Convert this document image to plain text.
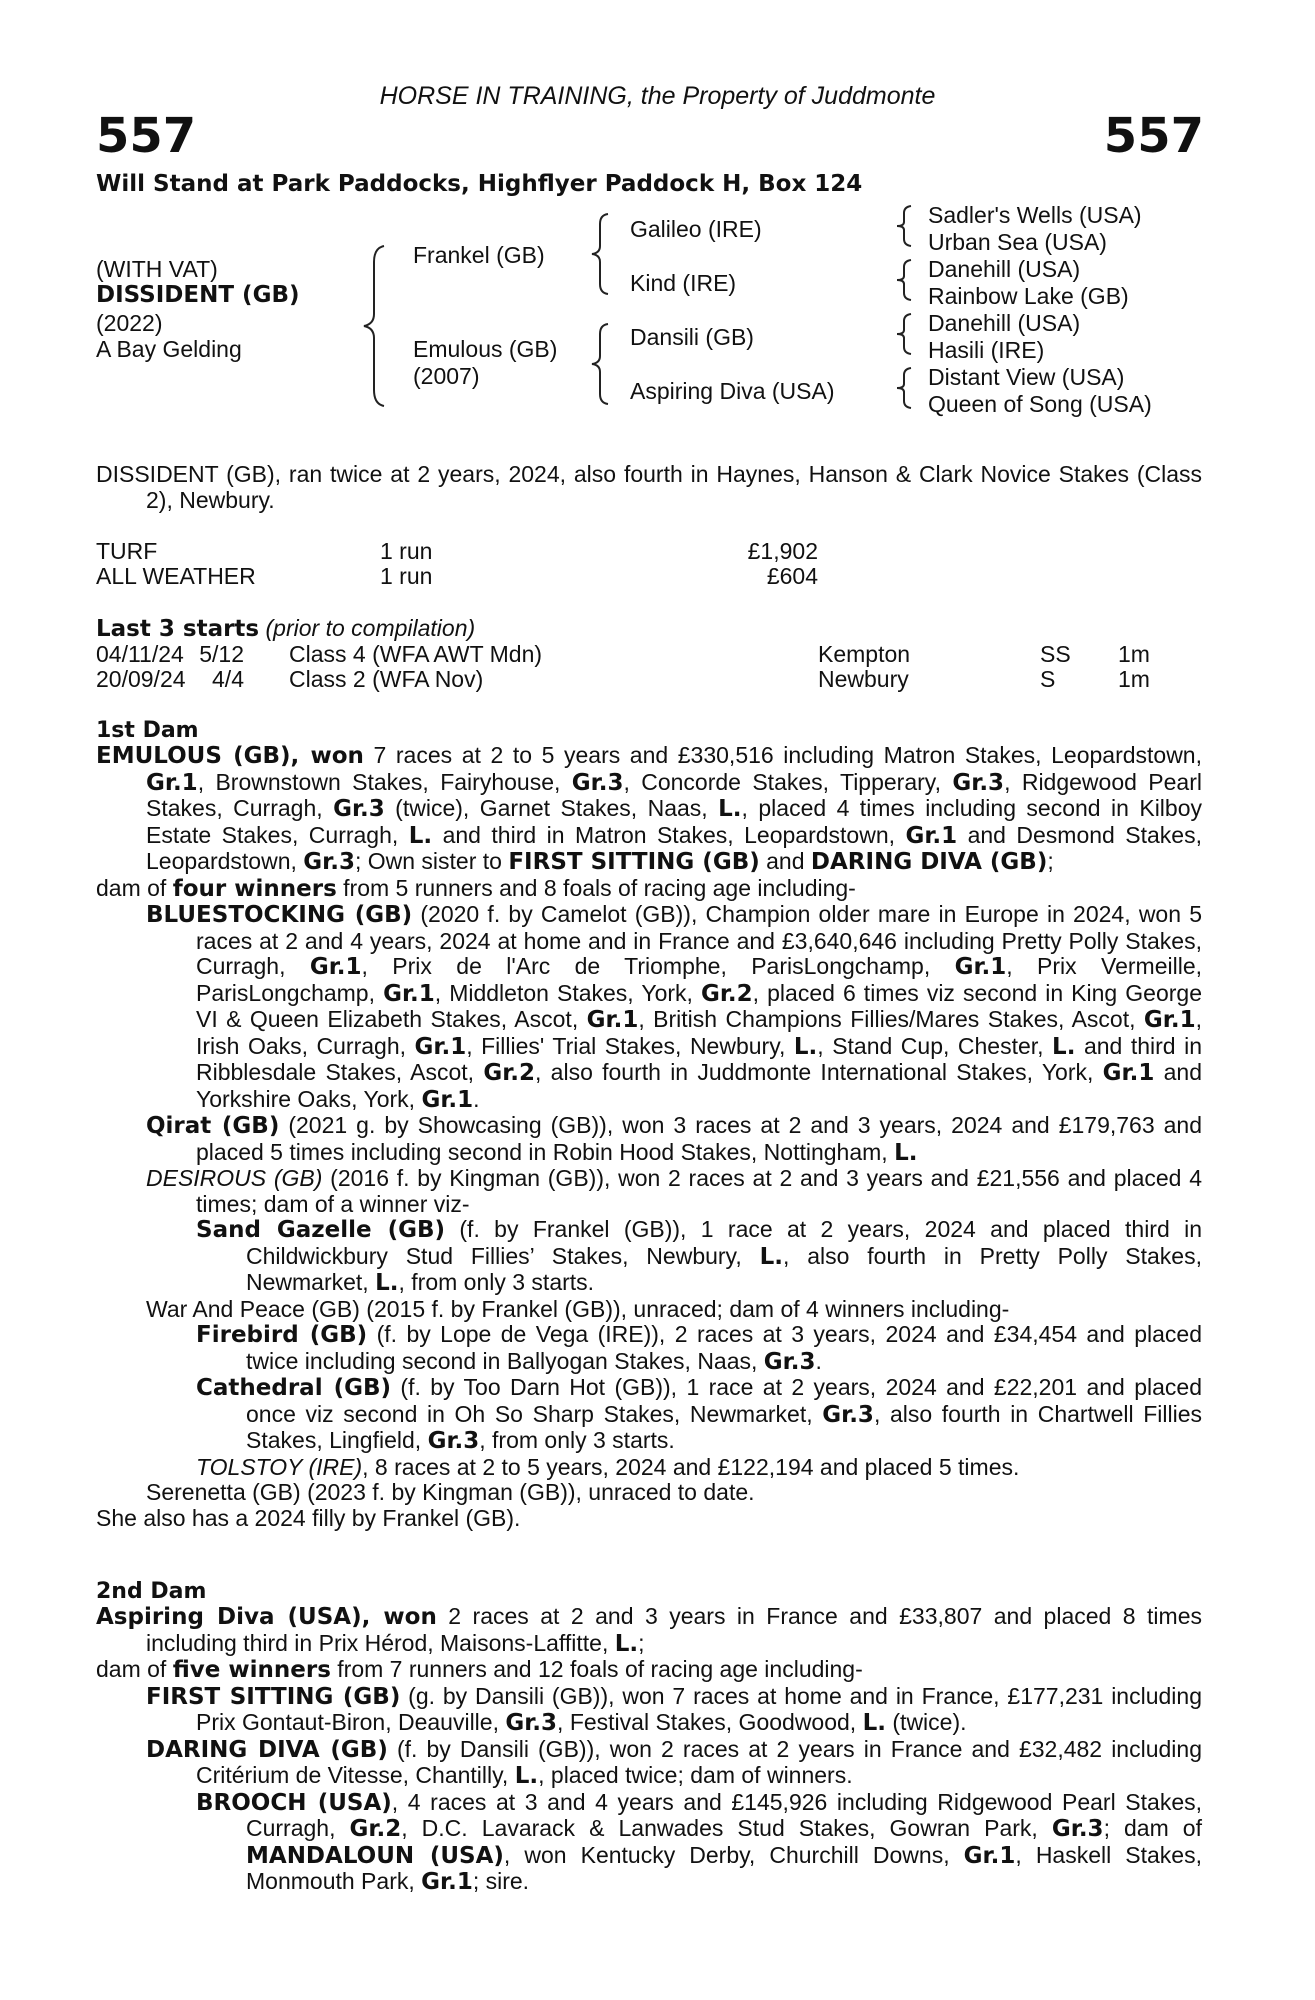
HORSE IN TRAINING, the Property of Juddmonte
557	557
Will Stand at Park Paddocks, Highflyer Paddock H, Box 124
(WITH VAT)
DISSIDENT (GB)
(2022)
A Bay Gelding
Frankel (GB)
Emulous (GB)
(2007)
Galileo (IRE)
Kind (IRE)
Dansili (GB)
Aspiring Diva (USA)
Sadler's Wells (USA)
Urban Sea (USA)
Danehill (USA)
Rainbow Lake (GB)
Danehill (USA)
Hasili (IRE)
Distant View (USA)
Queen of Song (USA)

DISSIDENT (GB), ran twice at 2 years, 2024, also fourth in Haynes, Hanson & Clark Novice Stakes (Class 2), Newbury.

TURF	1 run	£1,902
ALL WEATHER	1 run	£604
Last 3 starts (prior to compilation)
04/11/24 5/12 Class 4 (WFA AWT Mdn)	Kempton	SS 1m
20/09/24 4/4 Class 2 (WFA Nov)	Newbury	S	1m
1st Dam

EMULOUS (GB), won 7 races at 2 to 5 years and £330,516 including Matron Stakes, Leopardstown, Gr.1, Brownstown Stakes, Fairyhouse, Gr.3, Concorde Stakes, Tipperary, Gr.3, Ridgewood Pearl Stakes, Curragh, Gr.3 (twice), Garnet Stakes, Naas, L., placed 4 times including second in Kilboy Estate Stakes, Curragh, L. and third in Matron Stakes, Leopardstown, Gr.1 and Desmond Stakes, Leopardstown, Gr.3; Own sister to FIRST SITTING (GB) and DARING DIVA (GB);

dam of four winners from 5 runners and 8 foals of racing age including-

BLUESTOCKING (GB) (2020 f. by Camelot (GB)), Champion older mare in Europe in 2024, won 5 races at 2 and 4 years, 2024 at home and in France and £3,640,646 including Pretty Polly Stakes, Curragh, Gr.1, Prix de l'Arc de Triomphe, ParisLongchamp, Gr.1, Prix Vermeille, ParisLongchamp, Gr.1, Middleton Stakes, York, Gr.2, placed 6 times viz second in King George VI & Queen Elizabeth Stakes, Ascot, Gr.1, British Champions Fillies/Mares Stakes, Ascot, Gr.1, Irish Oaks, Curragh, Gr.1, Fillies' Trial Stakes, Newbury, L., Stand Cup, Chester, L. and third in Ribblesdale Stakes, Ascot, Gr.2, also fourth in Juddmonte International Stakes, York, Gr.1 and Yorkshire Oaks, York, Gr.1.

Qirat (GB) (2021 g. by Showcasing (GB)), won 3 races at 2 and 3 years, 2024 and £179,763 and placed 5 times including second in Robin Hood Stakes, Nottingham, L.

DESIROUS (GB) (2016 f. by Kingman (GB)), won 2 races at 2 and 3 years and £21,556 and placed 4 times; dam of a winner viz-

Sand Gazelle (GB) (f. by Frankel (GB)), 1 race at 2 years, 2024 and placed third in Childwickbury Stud Fillies’ Stakes, Newbury, L., also fourth in Pretty Polly Stakes, Newmarket, L., from only 3 starts.

War And Peace (GB) (2015 f. by Frankel (GB)), unraced; dam of 4 winners including-

Firebird (GB) (f. by Lope de Vega (IRE)), 2 races at 3 years, 2024 and £34,454 and placed twice including second in Ballyogan Stakes, Naas, Gr.3.

Cathedral (GB) (f. by Too Darn Hot (GB)), 1 race at 2 years, 2024 and £22,201 and placed once viz second in Oh So Sharp Stakes, Newmarket, Gr.3, also fourth in Chartwell Fillies Stakes, Lingfield, Gr.3, from only 3 starts.

TOLSTOY (IRE), 8 races at 2 to 5 years, 2024 and £122,194 and placed 5 times.

Serenetta (GB) (2023 f. by Kingman (GB)), unraced to date.

She also has a 2024 filly by Frankel (GB).

2nd Dam

Aspiring Diva (USA), won 2 races at 2 and 3 years in France and £33,807 and placed 8 times including third in Prix Hérod, Maisons-Laffitte, L.;

dam of five winners from 7 runners and 12 foals of racing age including-

FIRST SITTING (GB) (g. by Dansili (GB)), won 7 races at home and in France, £177,231 including Prix Gontaut-Biron, Deauville, Gr.3, Festival Stakes, Goodwood, L. (twice).

DARING DIVA (GB) (f. by Dansili (GB)), won 2 races at 2 years in France and £32,482 including Critérium de Vitesse, Chantilly, L., placed twice; dam of winners.

BROOCH (USA), 4 races at 3 and 4 years and £145,926 including Ridgewood Pearl Stakes, Curragh, Gr.2, D.C. Lavarack & Lanwades Stud Stakes, Gowran Park, Gr.3; dam of MANDALOUN (USA), won Kentucky Derby, Churchill Downs, Gr.1, Haskell Stakes, Monmouth Park, Gr.1; sire.
